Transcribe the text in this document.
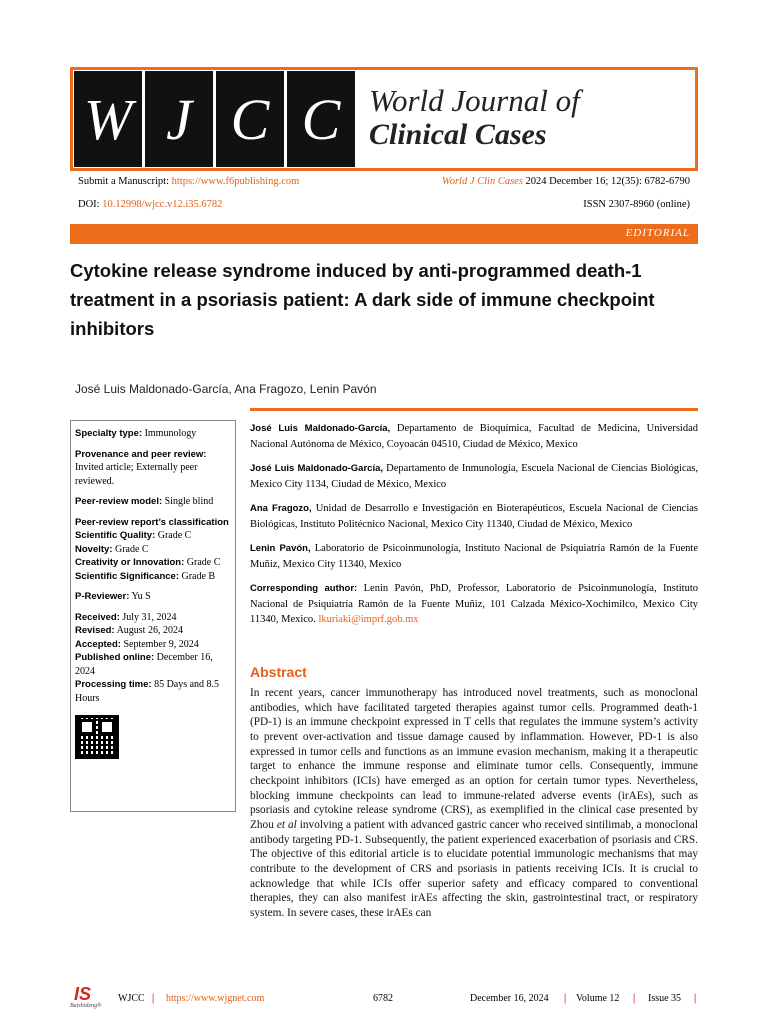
W J C C World Journal of
Clinical Cases
Submit a Manuscript: https://www.f6publishing.com	World J Clin Cases 2024 December 16; 12(35): 6782-6790
DOI: 10.12998/wjcc.v12.i35.6782	ISSN 2307-8960 (online)
EDITORIAL
Cytokine release syndrome induced by anti-programmed death-1 treatment in a psoriasis patient: A dark side of immune checkpoint inhibitors
José Luis Maldonado-García, Ana Fragozo, Lenin Pavón
Specialty type: Immunology
Provenance and peer review:
Invited article; Externally peer reviewed.
Peer-review model: Single blind
Peer-review report’s classification
Scientific Quality: Grade C
Novelty: Grade C
Creativity or Innovation: Grade C
Scientific Significance: Grade B
P-Reviewer: Yu S
Received: July 31, 2024
Revised: August 26, 2024
Accepted: September 9, 2024
Published online: December 16, 2024
Processing time: 85 Days and 8.5 Hours
José Luis Maldonado-García, Departamento de Bioquímica, Facultad de Medicina, Universidad Nacional Autónoma de México, Coyoacán 04510, Ciudad de México, Mexico
José Luis Maldonado-García, Departamento de Inmunología, Escuela Nacional de Ciencias Biológicas, Mexico City 1134, Ciudad de México, Mexico
Ana Fragozo, Unidad de Desarrollo e Investigación en Bioterapéuticos, Escuela Nacional de Ciencias Biológicas, Instituto Politécnico Nacional, Mexico City 11340, Ciudad de México, Mexico
Lenin Pavón, Laboratorio de Psicoinmunología, Instituto Nacional de Psiquiatría Ramón de la Fuente Muñiz, Mexico City 11340, Mexico
Corresponding author: Lenin Pavón, PhD, Professor, Laboratorio de Psicoinmunología, Instituto Nacional de Psiquiatría Ramón de la Fuente Muñiz, 101 Calzada México-Xochimilco, Mexico City 11340, Mexico. lkuriaki@imprf.gob.mx
Abstract
In recent years, cancer immunotherapy has introduced novel treatments, such as monoclonal antibodies, which have facilitated targeted therapies against tumor cells. Programmed death-1 (PD-1) is an immune checkpoint expressed in T cells that regulates the immune system’s activity to prevent over-activation and tissue damage caused by inflammation. However, PD-1 is also expressed in tumor cells and functions as an immune evasion mechanism, making it a therapeutic target to enhance the immune response and eliminate tumor cells. Consequently, immune checkpoint inhibitors (ICIs) have emerged as an option for certain tumor types. Nevertheless, blocking immune checkpoints can lead to immune-related adverse events (irAEs), such as psoriasis and cytokine release syndrome (CRS), as exemplified in the clinical case presented by Zhou et al involving a patient with advanced gastric cancer who received sintilimab, a monoclonal antibody targeting PD-1. Subsequently, the patient experienced exacerbation of psoriasis and CRS. The objective of this editorial article is to elucidate potential immunologic mechanisms that may contribute to the development of CRS and psoriasis in patients receiving ICIs. It is crucial to acknowledge that while ICIs offer superior safety and efficacy compared to conventional therapies, they can also manifest irAEs affecting the skin, gastrointestinal tract, or respiratory system. In severe cases, these irAEs can
IS
Baishideng®
WJCC | https://www.wjgnet.com	6782	December 16, 2024 | Volume 12 | Issue 35 |
